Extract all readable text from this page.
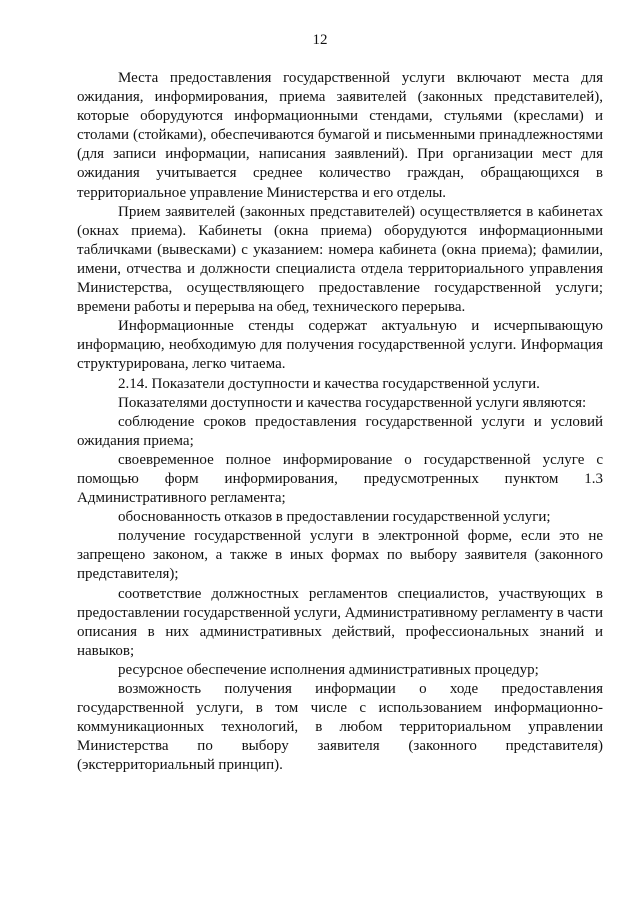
12

Места предоставления государственной услуги включают места для ожидания, информирования, приема заявителей (законных представителей), которые оборудуются информационными стендами, стульями (креслами) и столами (стойками), обеспечиваются бумагой и письменными принадлежностями (для записи информации, написания заявлений). При организации мест для ожидания учитывается среднее количество граждан, обращающихся в территориальное управление Министерства и его отделы.

Прием заявителей (законных представителей) осуществляется в кабинетах (окнах приема). Кабинеты (окна приема) оборудуются информационными табличками (вывесками) с указанием: номера кабинета (окна приема); фамилии, имени, отчества и должности специалиста отдела территориального управления Министерства, осуществляющего предоставление государственной услуги; времени работы и перерыва на обед, технического перерыва.

Информационные стенды содержат актуальную и исчерпывающую информацию, необходимую для получения государственной услуги. Информация структурирована, легко читаема.

2.14. Показатели доступности и качества государственной услуги.

Показателями доступности и качества государственной услуги являются:

соблюдение сроков предоставления государственной услуги и условий ожидания приема;

своевременное полное информирование о государственной услуге с помощью форм информирования, предусмотренных пунктом 1.3 Административного регламента;

обоснованность отказов в предоставлении государственной услуги;

получение государственной услуги в электронной форме, если это не запрещено законом, а также в иных формах по выбору заявителя (законного представителя);

соответствие должностных регламентов специалистов, участвующих в предоставлении государственной услуги, Административному регламенту в части описания в них административных действий, профессиональных знаний и навыков;

ресурсное обеспечение исполнения административных процедур;

возможность получения информации о ходе предоставления государственной услуги, в том числе с использованием информационно-коммуникационных технологий, в любом территориальном управлении Министерства по выбору заявителя (законного представителя) (экстерриториальный принцип).
